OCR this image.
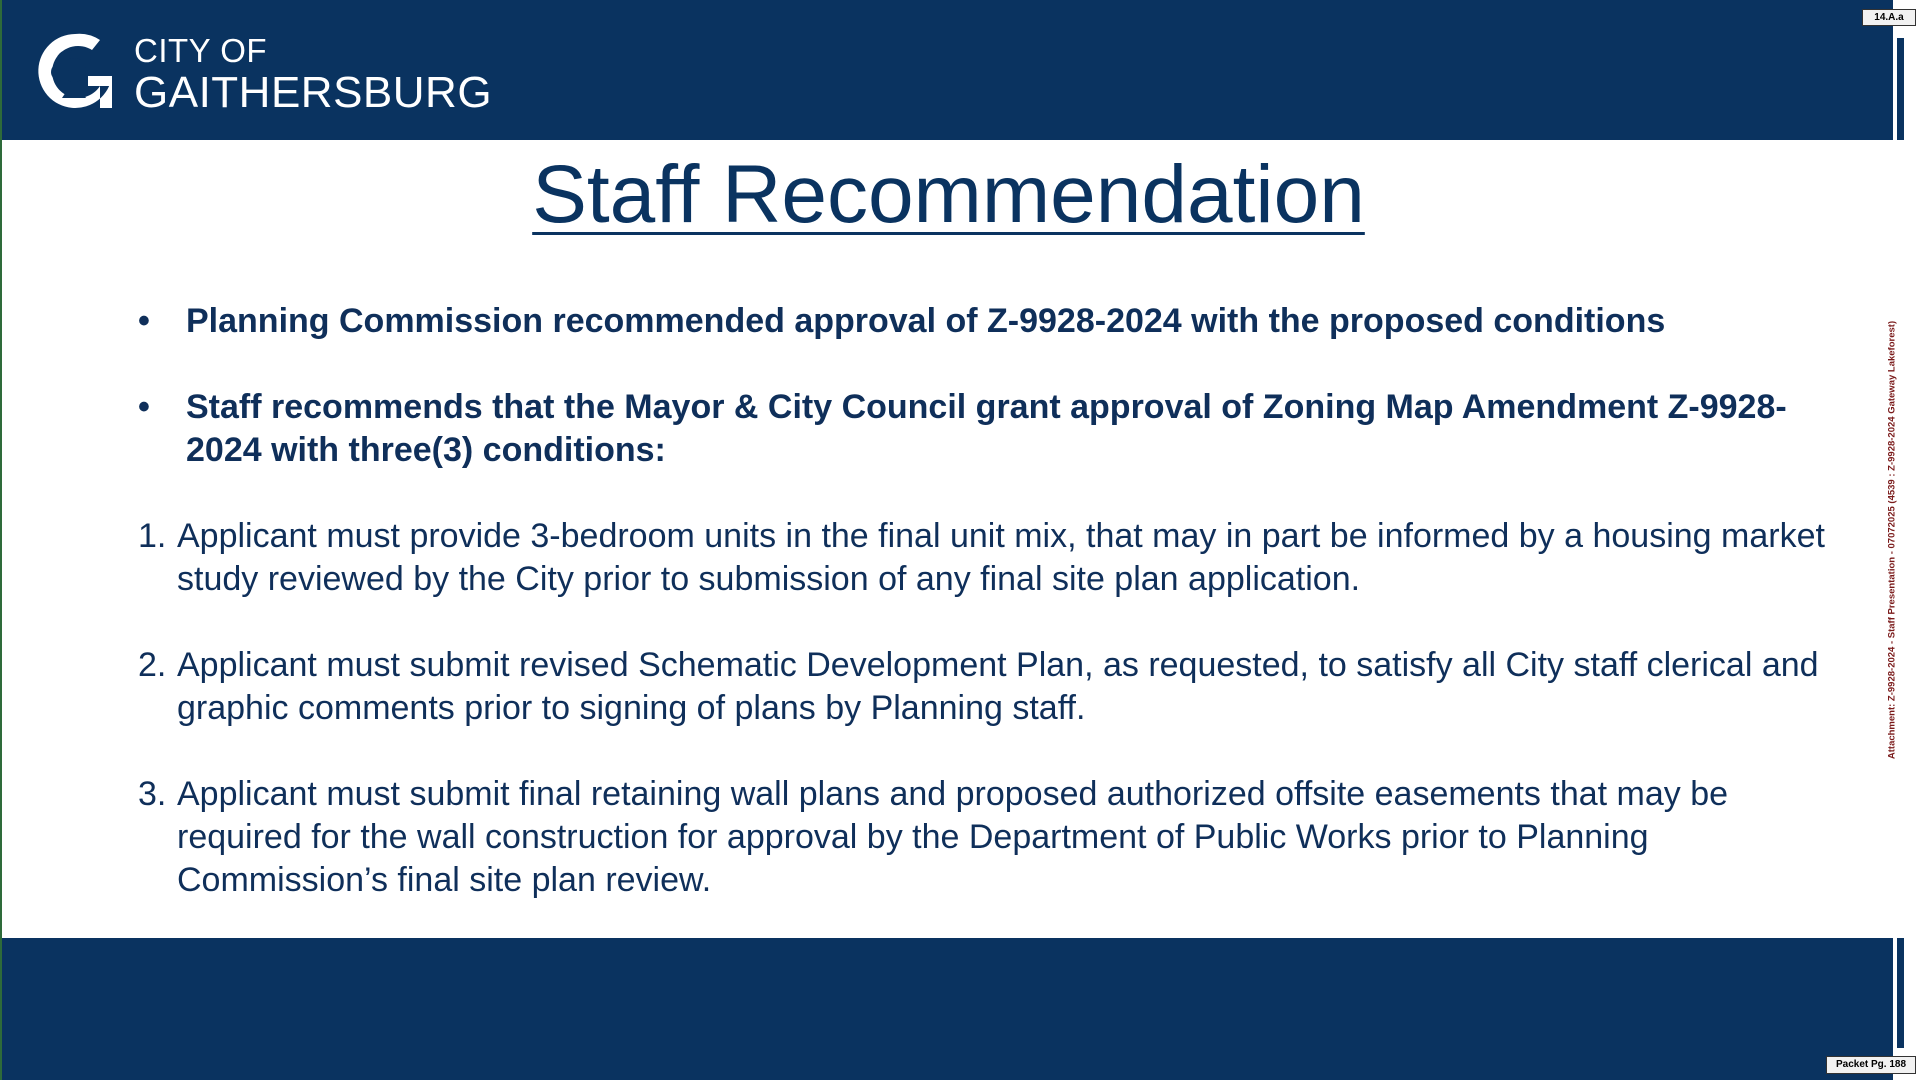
CITY OF
GAITHERSBURG
Staff Recommendation
• Planning Commission recommended approval of Z-9928-2024 with the proposed conditions
• Staff recommends that the Mayor & City Council grant approval of Zoning Map Amendment Z-9928-2024 with three(3) conditions:
1. Applicant must provide 3-bedroom units in the final unit mix, that may in part be informed by a housing market study reviewed by the City prior to submission of any final site plan application.
2. Applicant must submit revised Schematic Development Plan, as requested, to satisfy all City staff clerical and graphic comments prior to signing of plans by Planning staff.
3. Applicant must submit final retaining wall plans and proposed authorized offsite easements that may be required for the wall construction for approval by the Department of Public Works prior to Planning Commission’s final site plan review.
14.A.a
Attachment: Z-9928-2024 - Staff Presentation - 07072025 (4539 : Z-9928-2024 Gateway Lakeforest)
Packet Pg. 188
